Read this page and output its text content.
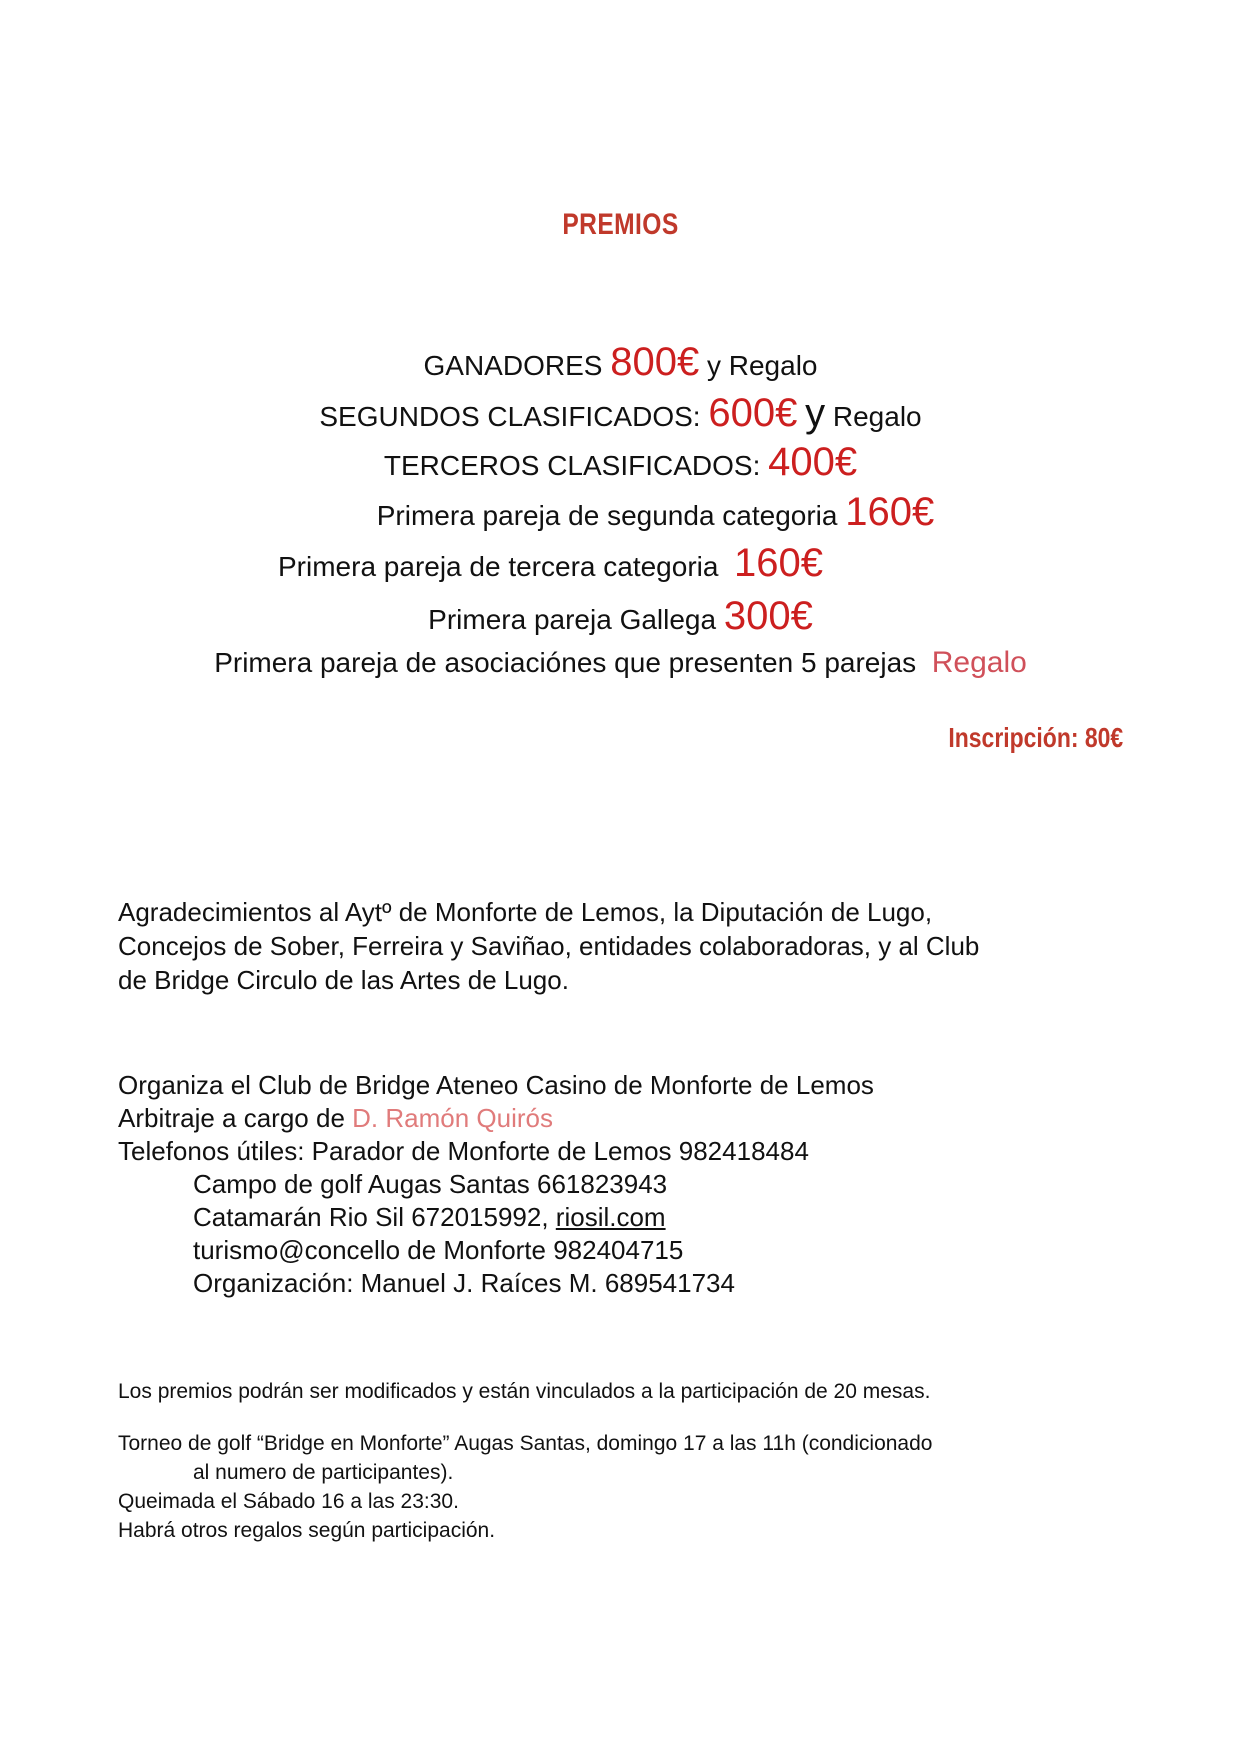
PREMIOS
GANADORES 800€ y Regalo
SEGUNDOS CLASIFICADOS: 600€ y Regalo
TERCEROS CLASIFICADOS: 400€
Primera pareja de segunda categoria 160€
Primera pareja de tercera categoria 160€
Primera pareja Gallega 300€
Primera pareja de asociaciónes que presenten 5 parejas Regalo
Inscripción: 80€
Agradecimientos al Aytº de Monforte de Lemos, la Diputación de Lugo,
Concejos de Sober, Ferreira y Saviñao, entidades colaboradoras, y al Club
de Bridge Circulo de las Artes de Lugo.
Organiza el Club de Bridge Ateneo Casino de Monforte de Lemos
Arbitraje a cargo de D. Ramón Quirós
Telefonos útiles: Parador de Monforte de Lemos 982418484
Campo de golf Augas Santas 661823943
Catamarán Rio Sil 672015992, riosil.com
turismo@concello de Monforte 982404715
Organización: Manuel J. Raíces M. 689541734
Los premios podrán ser modificados y están vinculados a la participación de 20 mesas.
Torneo de golf “Bridge en Monforte” Augas Santas, domingo 17 a las 11h (condicionado
al numero de participantes).
Queimada el Sábado 16 a las 23:30.
Habrá otros regalos según participación.
